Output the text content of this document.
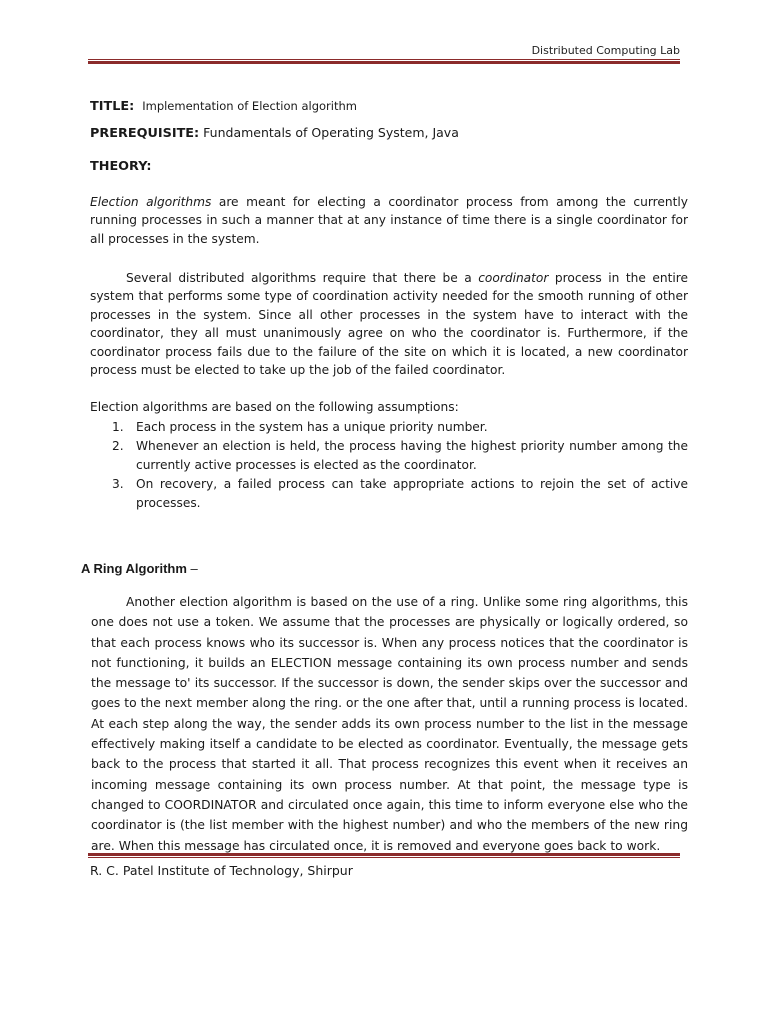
Distributed Computing Lab
TITLE: Implementation of Election algorithm
PREREQUISITE: Fundamentals of Operating System, Java
THEORY:
Election algorithms are meant for electing a coordinator process from among the currently running processes in such a manner that at any instance of time there is a single coordinator for all processes in the system.
Several distributed algorithms require that there be a coordinator process in the entire system that performs some type of coordination activity needed for the smooth running of other processes in the system. Since all other processes in the system have to interact with the coordinator, they all must unanimously agree on who the coordinator is. Furthermore, if the coordinator process fails due to the failure of the site on which it is located, a new coordinator process must be elected to take up the job of the failed coordinator.
Election algorithms are based on the following assumptions:
1.	Each process in the system has a unique priority number.
2.	Whenever an election is held, the process having the highest priority number among the currently active processes is elected as the coordinator.
3.	On recovery, a failed process can take appropriate actions to rejoin the set of active processes.
A Ring Algorithm –
Another election algorithm is based on the use of a ring. Unlike some ring algorithms, this one does not use a token. We assume that the processes are physically or logically ordered, so that each process knows who its successor is. When any process notices that the coordinator is not functioning, it builds an ELECTION message containing its own process number and sends the message to' its successor. If the successor is down, the sender skips over the successor and goes to the next member along the ring. or the one after that, until a running process is located. At each step along the way, the sender adds its own process number to the list in the message effectively making itself a candidate to be elected as coordinator. Eventually, the message gets back to the process that started it all. That process recognizes this event when it receives an incoming message containing its own process number. At that point, the message type is changed to COORDINATOR and circulated once again, this time to inform everyone else who the coordinator is (the list member with the highest number) and who the members of the new ring are. When this message has circulated once, it is removed and everyone goes back to work.
R. C. Patel Institute of Technology, Shirpur
